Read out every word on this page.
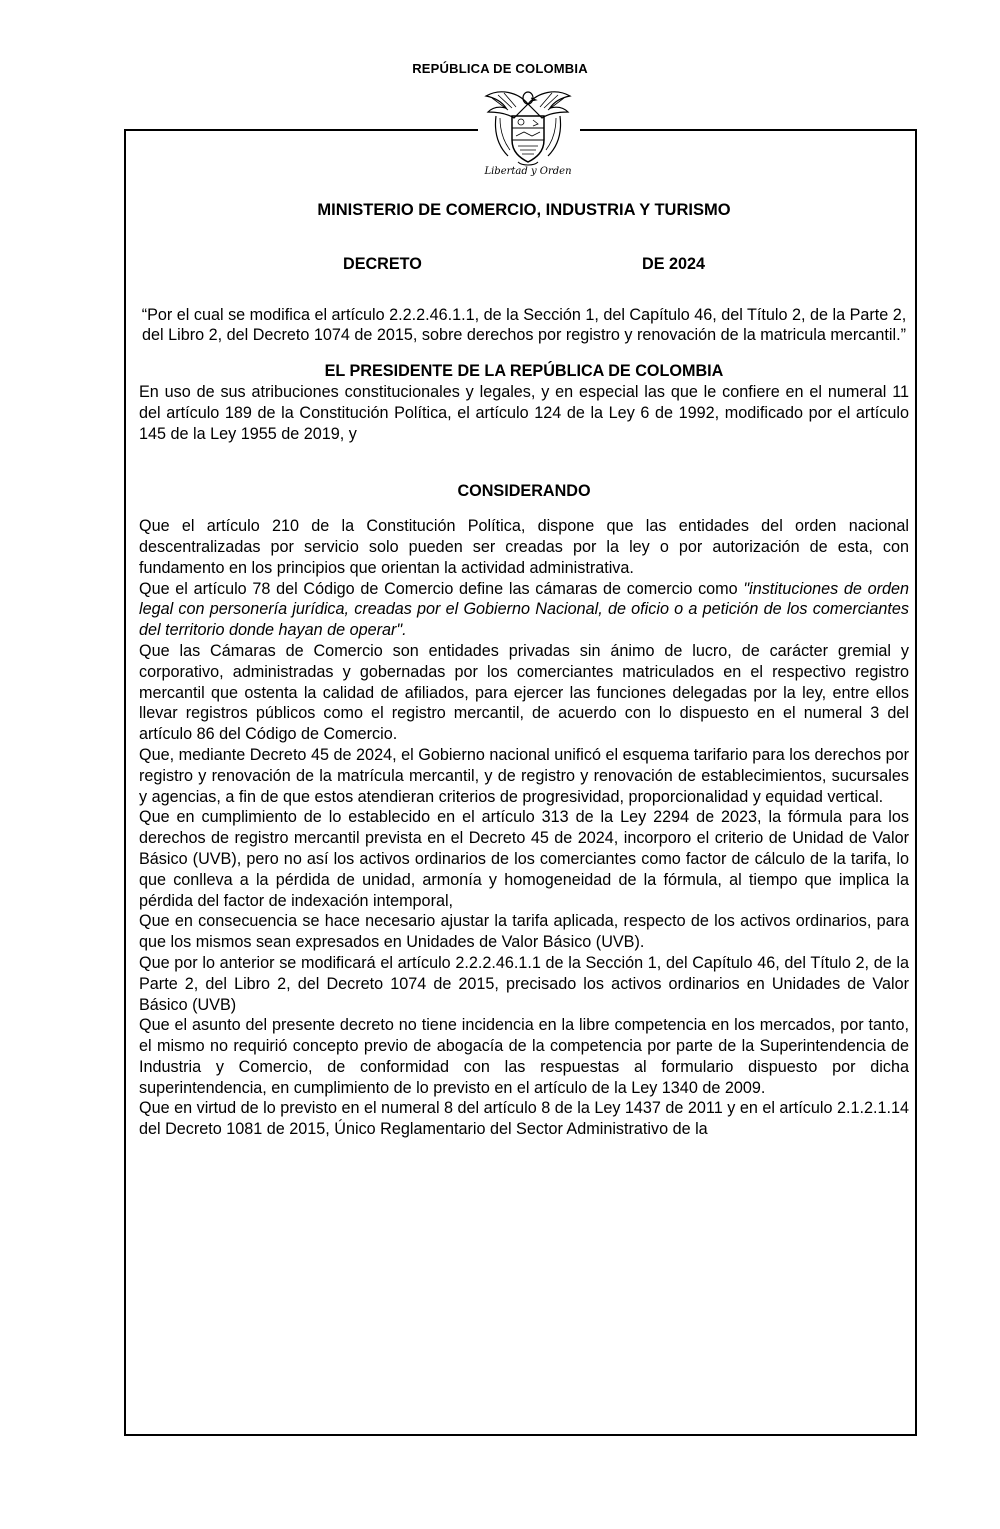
REPÚBLICA DE COLOMBIA
Libertad y Orden
MINISTERIO DE COMERCIO, INDUSTRIA Y TURISMO
DECRETO	DE 2024

“Por el cual se modifica el artículo 2.2.2.46.1.1, de la Sección 1, del Capítulo 46, del Título 2, de la Parte 2, del Libro 2, del Decreto 1074 de 2015, sobre derechos por registro y renovación de la matricula mercantil.”

EL PRESIDENTE DE LA REPÚBLICA DE COLOMBIA

En uso de sus atribuciones constitucionales y legales, y en especial las que le confiere en el numeral 11 del artículo 189 de la Constitución Política, el artículo 124 de la Ley 6 de 1992, modificado por el artículo 145 de la Ley 1955 de 2019, y

CONSIDERANDO

Que el artículo 210 de la Constitución Política, dispone que las entidades del orden nacional descentralizadas por servicio solo pueden ser creadas por la ley o por autorización de esta, con fundamento en los principios que orientan la actividad administrativa.

Que el artículo 78 del Código de Comercio define las cámaras de comercio como "instituciones de orden legal con personería jurídica, creadas por el Gobierno Nacional, de oficio o a petición de los comerciantes del territorio donde hayan de operar".

Que las Cámaras de Comercio son entidades privadas sin ánimo de lucro, de carácter gremial y corporativo, administradas y gobernadas por los comerciantes matriculados en el respectivo registro mercantil que ostenta la calidad de afiliados, para ejercer las funciones delegadas por la ley, entre ellos llevar registros públicos como el registro mercantil, de acuerdo con lo dispuesto en el numeral 3 del artículo 86 del Código de Comercio.

Que, mediante Decreto 45 de 2024, el Gobierno nacional unificó el esquema tarifario para los derechos por registro y renovación de la matrícula mercantil, y de registro y renovación de establecimientos, sucursales y agencias, a fin de que estos atendieran criterios de progresividad, proporcionalidad y equidad vertical.

Que en cumplimiento de lo establecido en el artículo 313 de la Ley 2294 de 2023, la fórmula para los derechos de registro mercantil prevista en el Decreto 45 de 2024, incorporo el criterio de Unidad de Valor Básico (UVB), pero no así los activos ordinarios de los comerciantes como factor de cálculo de la tarifa, lo que conlleva a la pérdida de unidad, armonía y homogeneidad de la fórmula, al tiempo que implica la pérdida del factor de indexación intemporal,

Que en consecuencia se hace necesario ajustar la tarifa aplicada, respecto de los activos ordinarios, para que los mismos sean expresados en Unidades de Valor Básico (UVB).

Que por lo anterior se modificará el artículo 2.2.2.46.1.1 de la Sección 1, del Capítulo 46, del Título 2, de la Parte 2, del Libro 2, del Decreto 1074 de 2015, precisado los activos ordinarios en Unidades de Valor Básico (UVB)

Que el asunto del presente decreto no tiene incidencia en la libre competencia en los mercados, por tanto, el mismo no requirió concepto previo de abogacía de la competencia por parte de la Superintendencia de Industria y Comercio, de conformidad con las respuestas al formulario dispuesto por dicha superintendencia, en cumplimiento de lo previsto en el artículo de la Ley 1340 de 2009.

Que en virtud de lo previsto en el numeral 8 del artículo 8 de la Ley 1437 de 2011 y en el artículo 2.1.2.1.14 del Decreto 1081 de 2015, Único Reglamentario del Sector Administrativo de la
